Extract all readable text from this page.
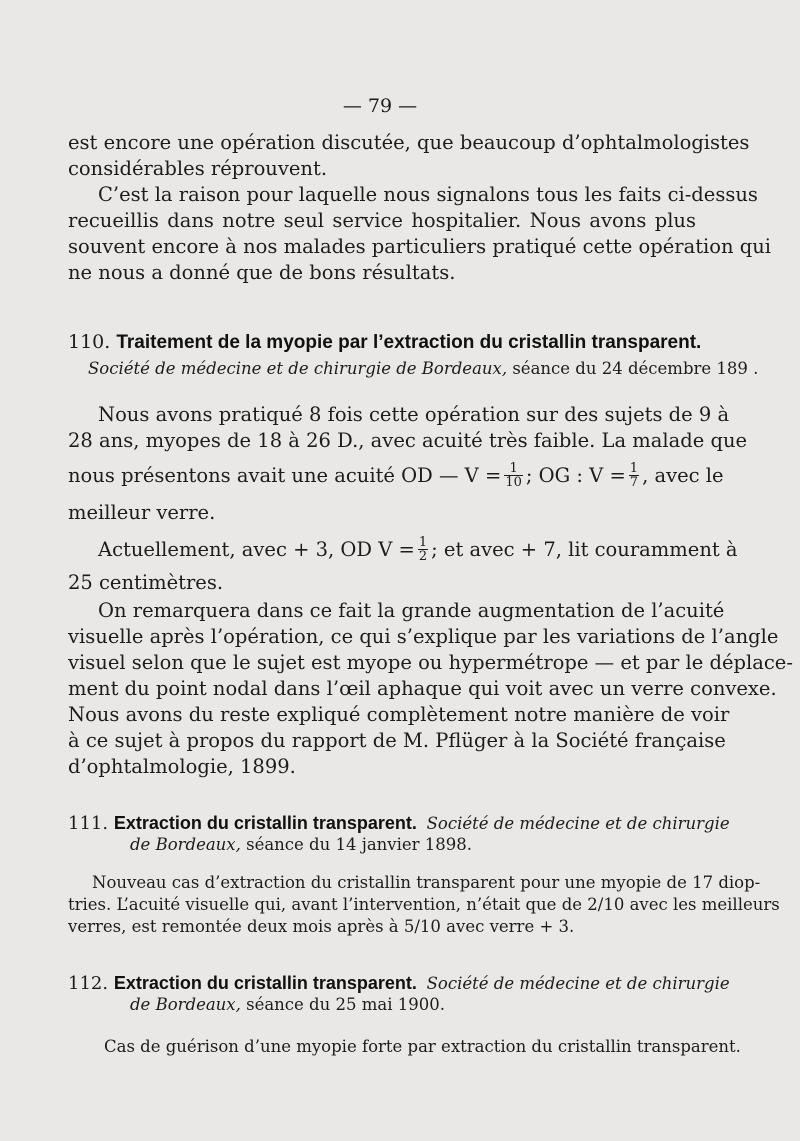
— 79 —
est encore une opération discutée, que beaucoup d’ophtalmologistes
considérables réprouvent.
C’est la raison pour laquelle nous signalons tous les faits ci-dessus
recueillis dans notre seul service hospitalier. Nous avons plus
souvent encore à nos malades particuliers pratiqué cette opération qui
ne nous a donné que de bons résultats.
110. Traitement de la myopie par l’extraction du cristallin transparent.
Société de médecine et de chirurgie de Bordeaux, séance du 24 décembre 189 .
Nous avons pratiqué 8 fois cette opération sur des sujets de 9 à
28 ans, myopes de 18 à 26 D., avec acuité très faible. La malade que
nous présentons avait une acuité OD — $V = \frac{1}{10}$ ; OG : $V = \frac{1}{7}$ , avec le
meilleur verre.
Actuellement, avec + 3, OD $V = \frac{1}{2}$ ; et avec + 7, lit couramment à
25 centimètres.
On remarquera dans ce fait la grande augmentation de l’acuité
visuelle après l’opération, ce qui s’explique par les variations de l’angle
visuel selon que le sujet est myope ou hypermétrope — et par le déplace-
ment du point nodal dans l’œil aphaque qui voit avec un verre convexe.
Nous avons du reste expliqué complètement notre manière de voir
à ce sujet à propos du rapport de M. Pflüger à la Société française
d’ophtalmologie, 1899.
111. Extraction du cristallin transparent. Société de médecine et de chirurgie
de Bordeaux, séance du 14 janvier 1898.
Nouveau cas d’extraction du cristallin transparent pour une myopie de 17 diop-
tries. L’acuité visuelle qui, avant l’intervention, n’était que de 2/10 avec les meilleurs
verres, est remontée deux mois après à 5/10 avec verre + 3.
112. Extraction du cristallin transparent. Société de médecine et de chirurgie
de Bordeaux, séance du 25 mai 1900.
Cas de guérison d’une myopie forte par extraction du cristallin transparent.
